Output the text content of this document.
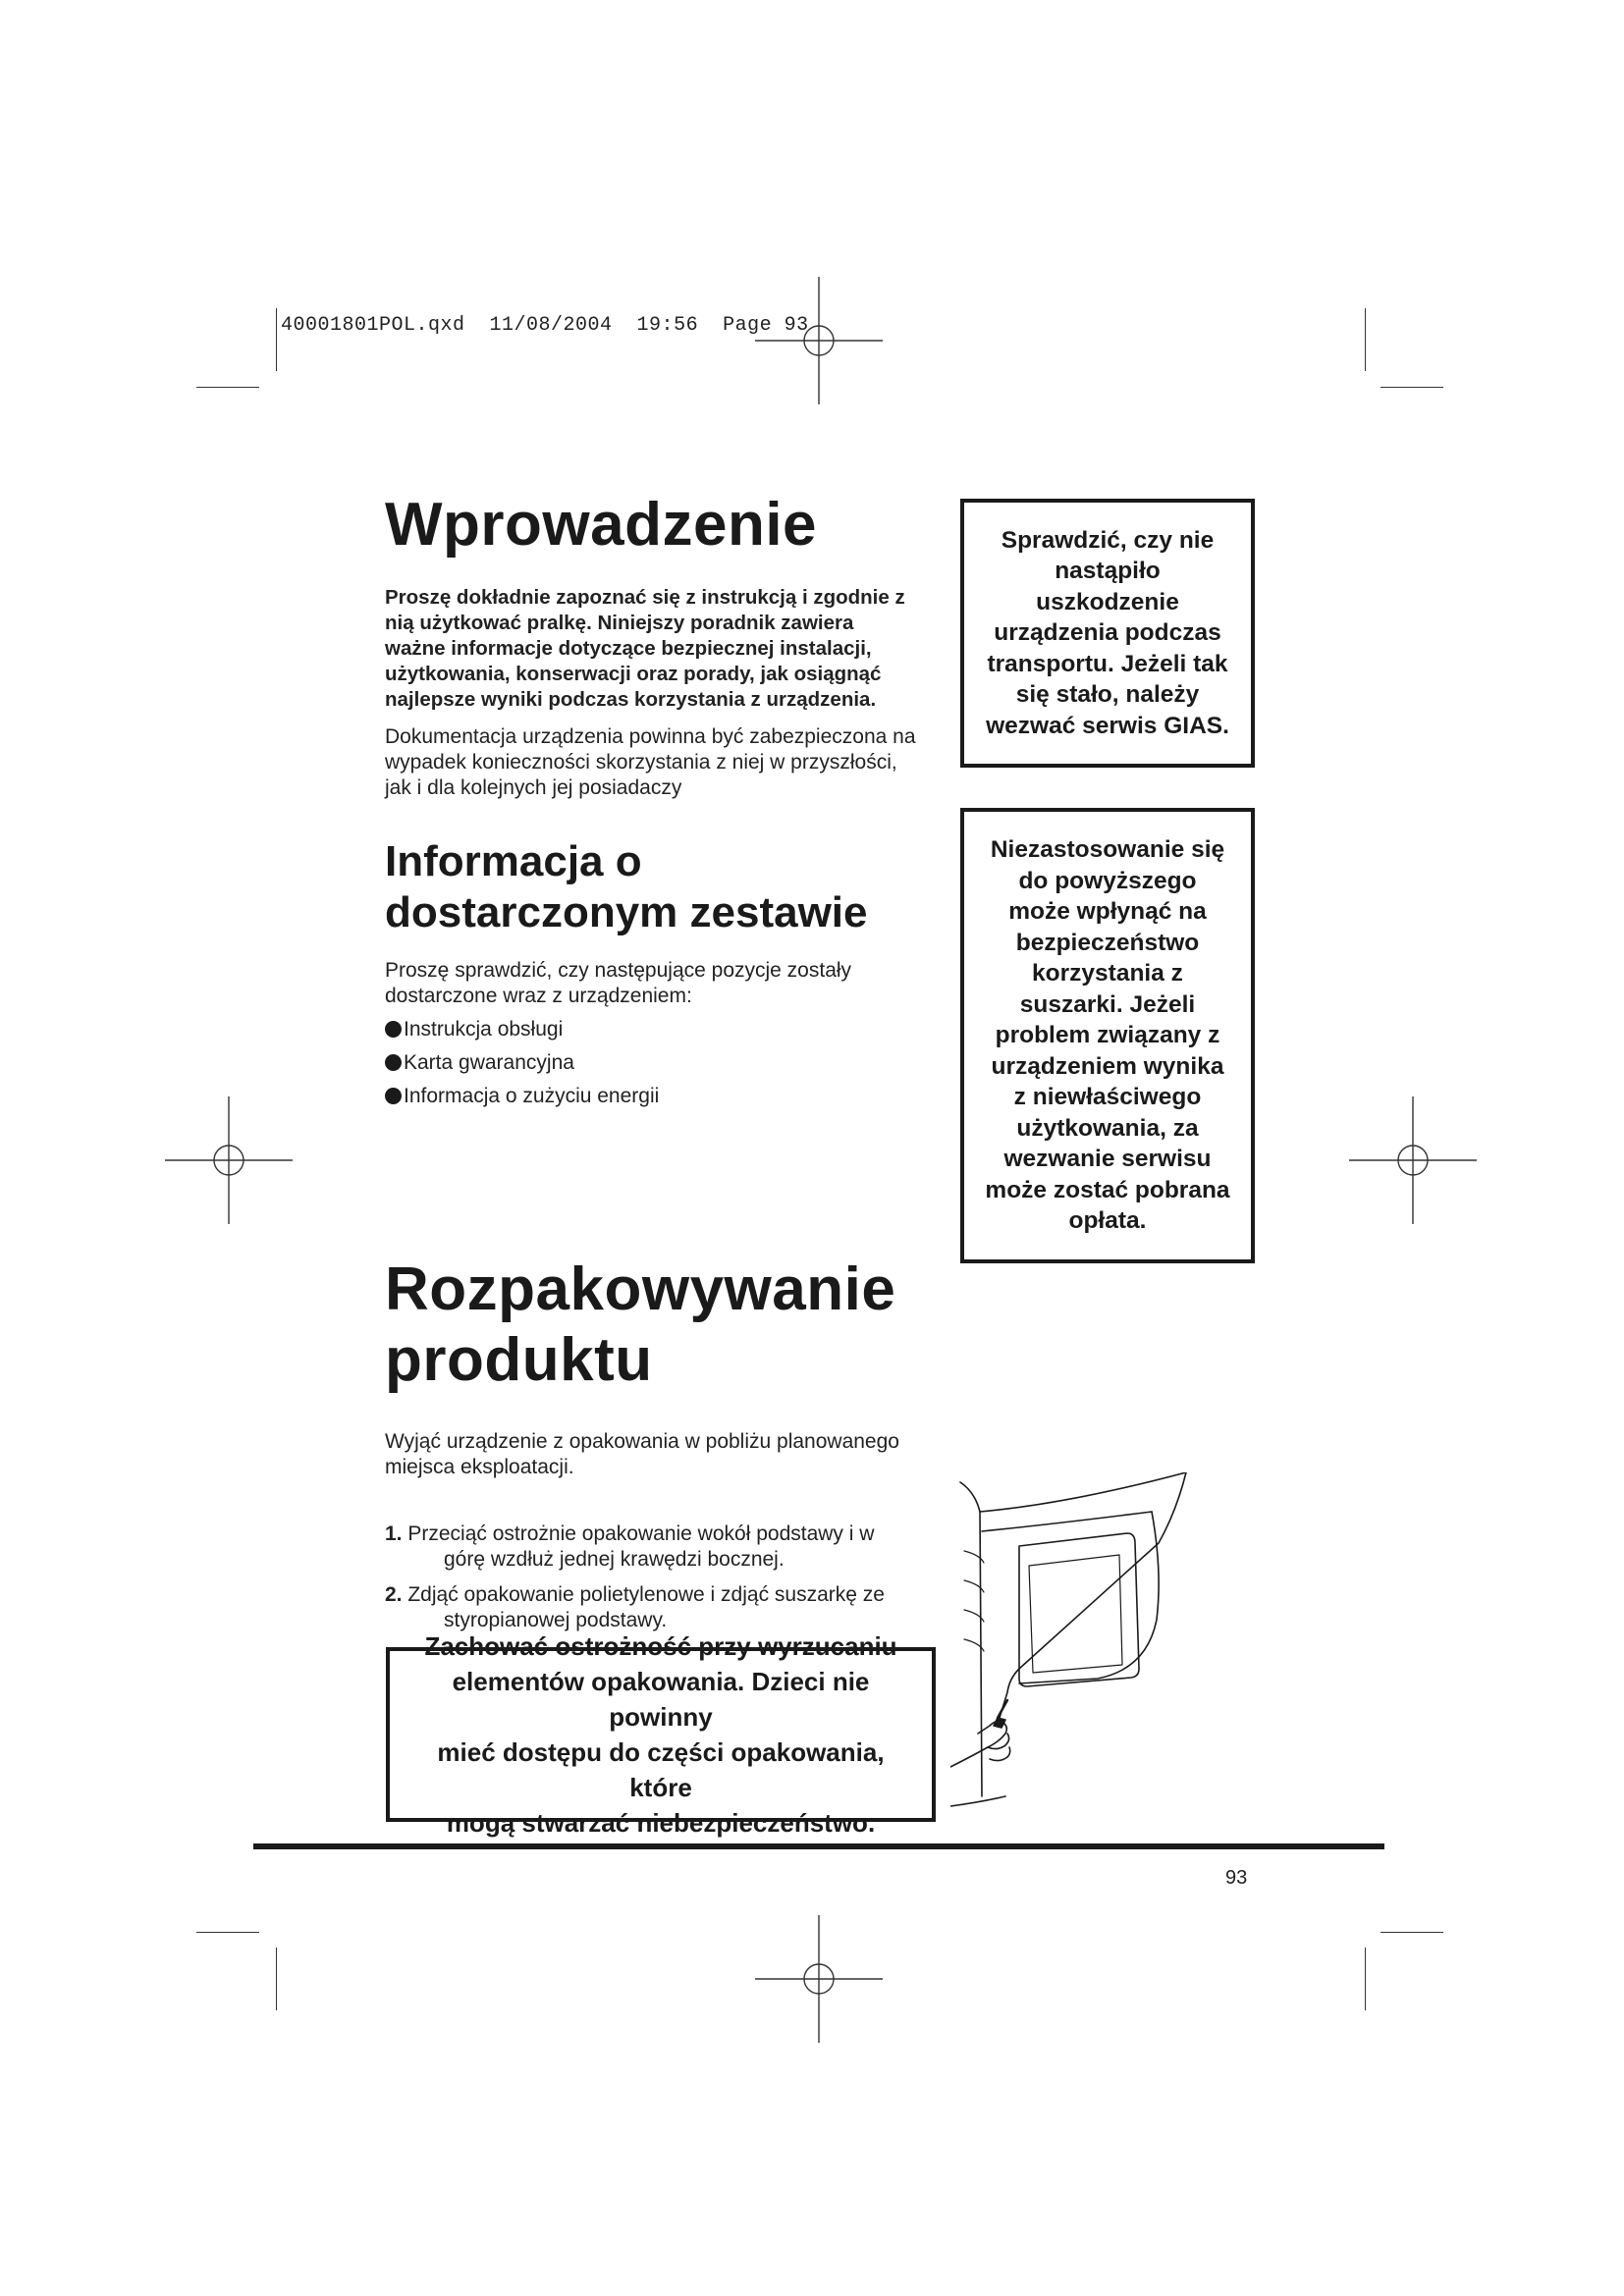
40001801POL.qxd  11/08/2004  19:56  Page 93
Wprowadzenie

Proszę dokładnie zapoznać się z instrukcją i zgodnie z
nią użytkować pralkę. Niniejszy poradnik zawiera
ważne informacje dotyczące bezpiecznej instalacji,
użytkowania, konserwacji oraz porady, jak osiągnąć
najlepsze wyniki podczas korzystania z urządzenia.

Dokumentacja urządzenia powinna być zabezpieczona na
wypadek konieczności skorzystania z niej w przyszłości,
jak i dla kolejnych jej posiadaczy

Informacja o
dostarczonym zestawie

Proszę sprawdzić, czy następujące pozycje zostały
dostarczone wraz z urządzeniem:

Instrukcja obsługi
Karta gwarancyjna
Informacja o zużyciu energii
Rozpakowywanie
produktu

Wyjąć urządzenie z opakowania w pobliżu planowanego
miejsca eksploatacji.

1. Przeciąć ostrożnie opakowanie wokół podstawy i w
górę wzdłuż jednej krawędzi bocznej.
2. Zdjąć opakowanie polietylenowe i zdjąć suszarkę ze
styropianowej podstawy.
Sprawdzić, czy nie
nastąpiło
uszkodzenie
urządzenia podczas
transportu. Jeżeli tak
się stało, należy
wezwać serwis GIAS.
Niezastosowanie się
do powyższego
może wpłynąć na
bezpieczeństwo
korzystania z
suszarki. Jeżeli
problem związany z
urządzeniem wynika
z niewłaściwego
użytkowania, za
wezwanie serwisu
może zostać pobrana
opłata.
Zachować ostrożność przy wyrzucaniu
elementów opakowania. Dzieci nie powinny
mieć dostępu do części opakowania, które
mogą stwarzać niebezpieczeństwo.
93
